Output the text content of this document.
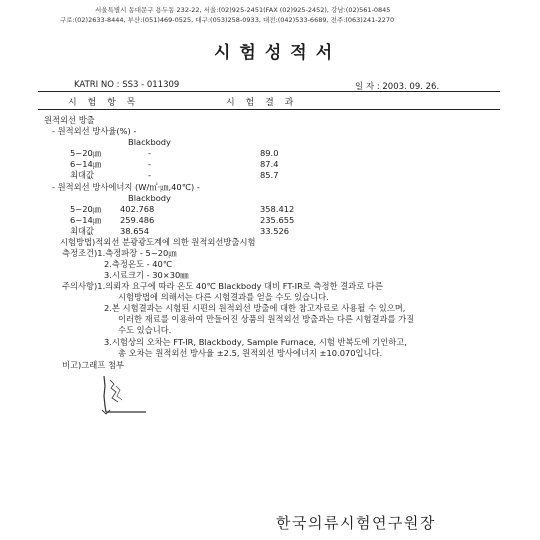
서울특별시 동대문구 용두동 232-22, 서울:(02)925-2451(FAX (02)925-2452), 강남:(02)561-0845
구로:(02)2633-8444, 부산:(051)469-0525, 대구:(053)258-0933, 대전:(042)533-6689, 전주:(063)241-2270
시험성적서
KATRI NO : SS3 - 011309	일 자 : 2003. 09. 26.
시 험 항 목	시 험 결 과
원적외선 방출
- 원적외선 방사율(%) -
Blackbody
5~20㎛	-	89.0
6~14㎛	-	87.4
최대값	-	85.7
- 원적외선 방사에너지 (W/㎡·㎛,40℃) -
Blackbody
5~20㎛ 402.768	358.412
6~14㎛ 259.486	235.655
최대값	38.654	33.526
시험방법)적외선 분광광도계에 의한 원적외선방출시험
측정조건)1.측정파장 - 5~20㎛
2.측정온도 - 40℃
3.시료크기 - 30×30㎜
주의사항)1.의뢰자 요구에 따라 온도 40℃ Blackbody 대비 FT-IR로 측정한 결과로 다른
시험방법에 의해서는 다른 시험결과를 얻을 수도 있습니다.
2.본 시험결과는 시험된 시편의 원적외선 방출에 대한 참고자료로 사용될 수 있으며,
이러한 재료를 이용하여 만들어진 상품의 원적외선 방출과는 다른 시험결과를 가질
수도 있습니다.
3.시험상의 오차는 FT-IR, Blackbody, Sample Furnace, 시험 반복도에 기인하고,
총 오차는 원적외선 방사율 ±2.5, 원적외선 방사에너지 ±10.070입니다.
비고)그래프 첨부
한국의류시험연구원장
